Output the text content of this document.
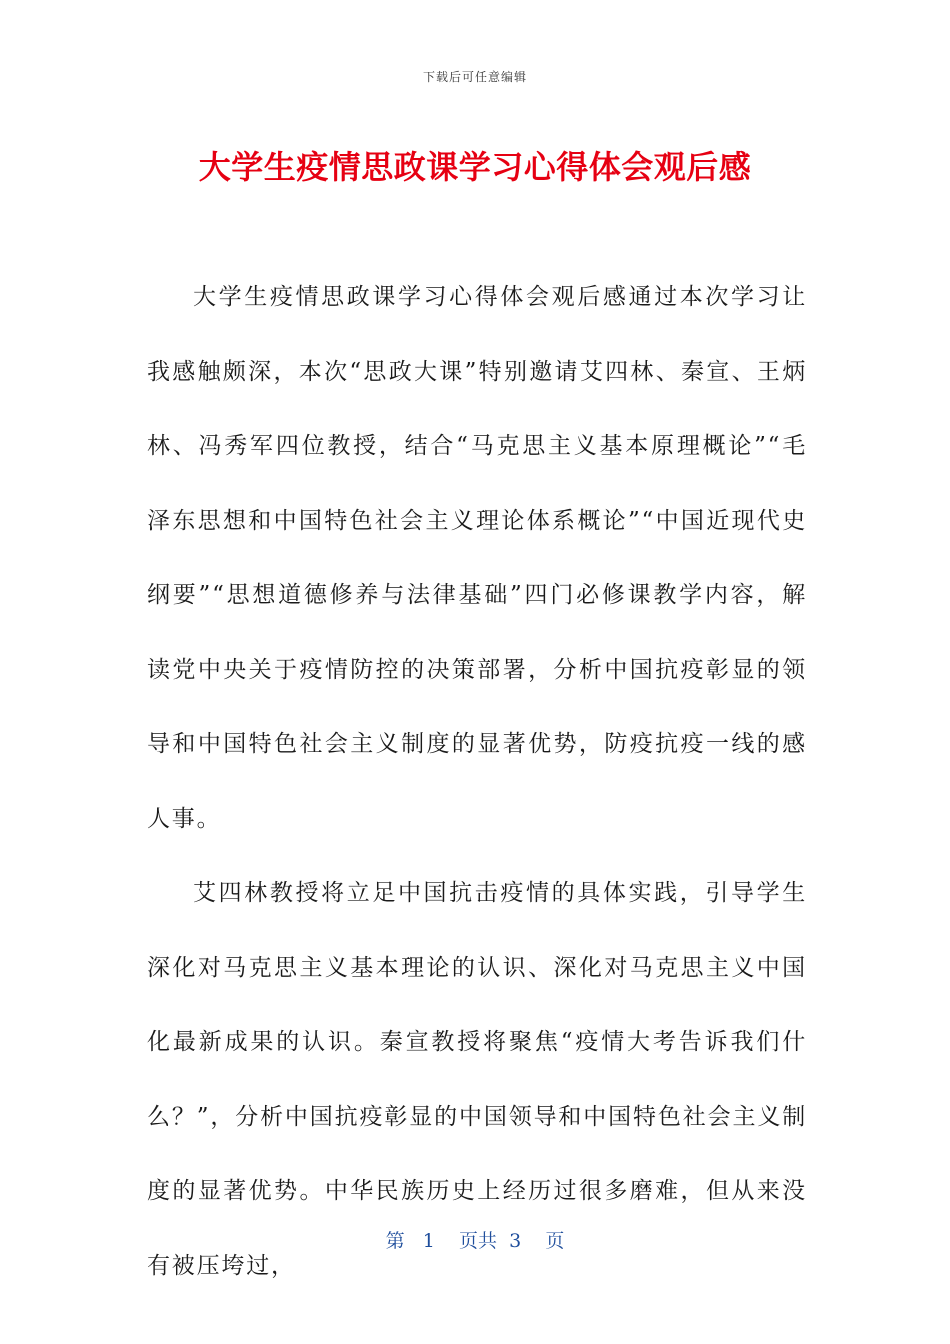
下载后可任意编辑
大学生疫情思政课学习心得体会观后感

大学生疫情思政课学习心得体会观后感通过本次学习让我感触颇深，本次“思政大课”特别邀请艾四林、秦宣、王炳林、冯秀军四位教授，结合“马克思主义基本原理概论”“毛泽东思想和中国特色社会主义理论体系概论”“中国近现代史纲要”“思想道德修养与法律基础”四门必修课教学内容，解读党中央关于疫情防控的决策部署，分析中国抗疫彰显的领导和中国特色社会主义制度的显著优势，防疫抗疫一线的感人事。

艾四林教授将立足中国抗击疫情的具体实践，引导学生深化对马克思主义基本理论的认识、深化对马克思主义中国化最新成果的认识。秦宣教授将聚焦“疫情大考告诉我们什么？”，分析中国抗疫彰显的中国领导和中国特色社会主义制度的显著优势。中华民族历史上经历过很多磨难，但从来没有被压垮过，

第 1 页共 3 页
